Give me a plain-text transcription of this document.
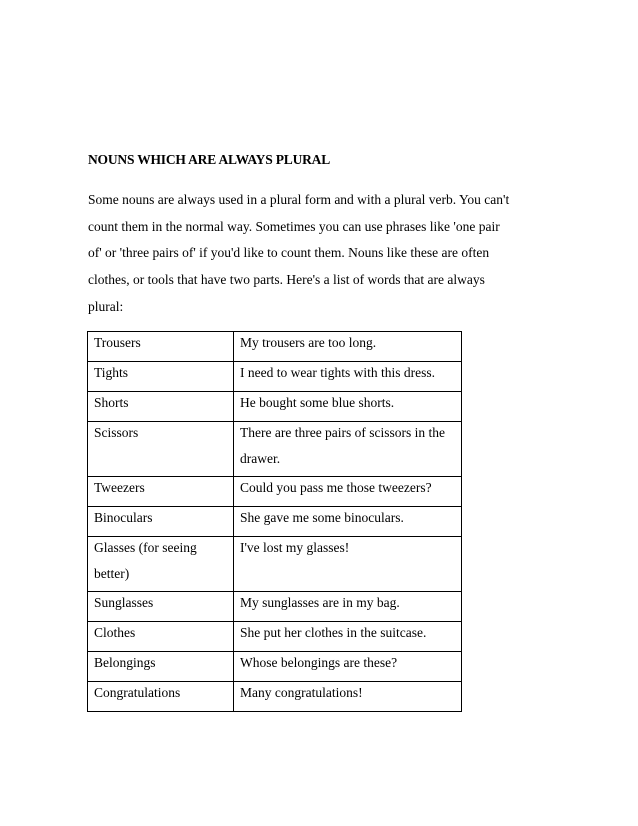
NOUNS WHICH ARE ALWAYS PLURAL
Some nouns are always used in a plural form and with a plural verb. You can't
count them in the normal way. Sometimes you can use phrases like 'one pair
of' or 'three pairs of' if you'd like to count them. Nouns like these are often
clothes, or tools that have two parts. Here's a list of words that are always
plural:
Trousers	My trousers are too long.

Tights	I need to wear tights with this dress.

Shorts	He bought some blue shorts.

Scissors	There are three pairs of scissors in the drawer.

Tweezers	Could you pass me those tweezers?

Binoculars	She gave me some binoculars.

Glasses (for seeing better)	I've lost my glasses!

Sunglasses	My sunglasses are in my bag.

Clothes	She put her clothes in the suitcase.

Belongings	Whose belongings are these?

Congratulations	Many congratulations!
